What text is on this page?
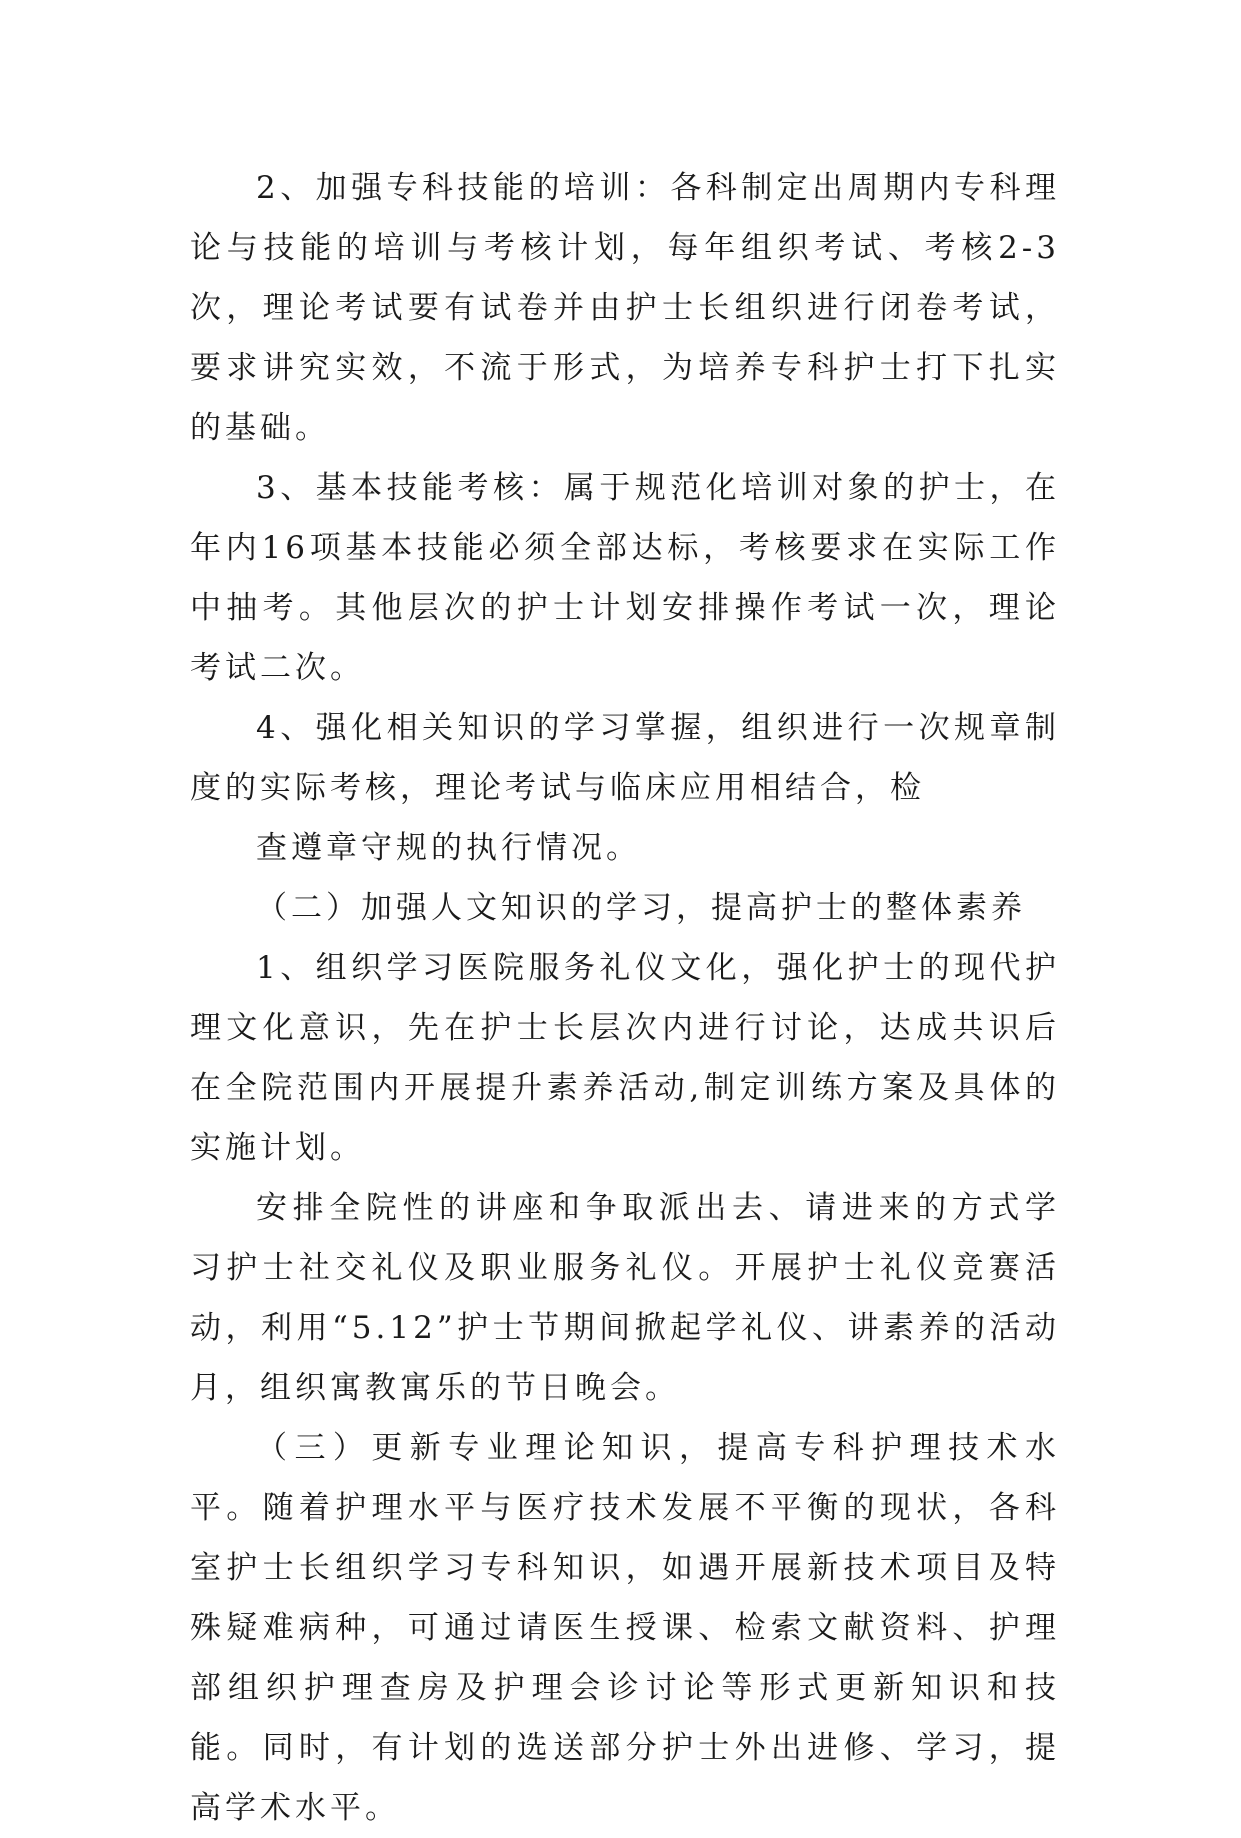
2、加强专科技能的培训：各科制定出周期内专科理论与技能的培训与考核计划，每年组织考试、考核2-3次，理论考试要有试卷并由护士长组织进行闭卷考试，要求讲究实效，不流于形式，为培养专科护士打下扎实的基础。

3、基本技能考核：属于规范化培训对象的护士，在年内16项基本技能必须全部达标，考核要求在实际工作中抽考。其他层次的护士计划安排操作考试一次，理论考试二次。

4、强化相关知识的学习掌握，组织进行一次规章制度的实际考核，理论考试与临床应用相结合，检

查遵章守规的执行情况。

（二）加强人文知识的学习，提高护士的整体素养

1、组织学习医院服务礼仪文化，强化护士的现代护理文化意识，先在护士长层次内进行讨论，达成共识后在全院范围内开展提升素养活动,制定训练方案及具体的实施计划。

安排全院性的讲座和争取派出去、请进来的方式学习护士社交礼仪及职业服务礼仪。开展护士礼仪竞赛活动，利用“5.12”护士节期间掀起学礼仪、讲素养的活动月，组织寓教寓乐的节日晚会。

（三）更新专业理论知识，提高专科护理技术水平。随着护理水平与医疗技术发展不平衡的现状，各科室护士长组织学习专科知识，如遇开展新技术项目及特殊疑难病种，可通过请医生授课、检索文献资料、护理部组织护理查房及护理会诊讨论等形式更新知识和技能。同时，有计划的选送部分护士外出进修、学习，提高学术水平。
